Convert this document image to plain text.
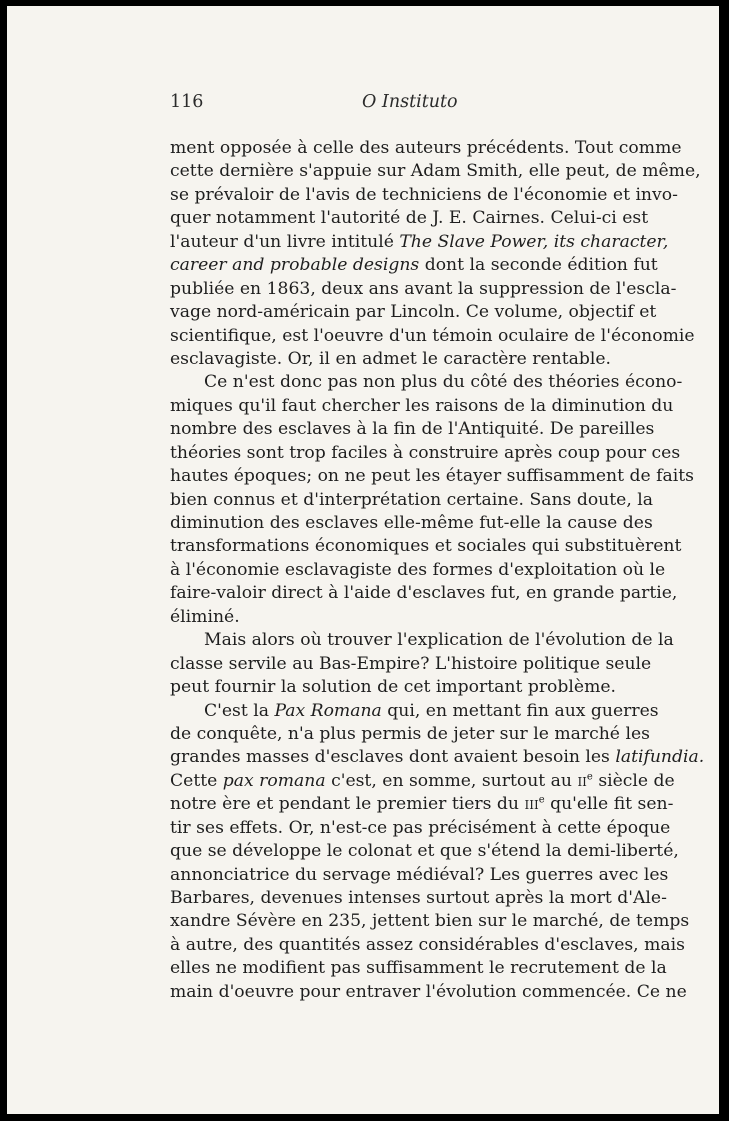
116	O Instituto
ment opposée à celle des auteurs précédents. Tout comme
cette dernière s'appuie sur Adam Smith, elle peut, de même,
se prévaloir de l'avis de techniciens de l'économie et invo-
quer notamment l'autorité de J. E. Cairnes. Celui-ci est
l'auteur d'un livre intitulé The Slave Power, its character,
career and probable designs dont la seconde édition fut
publiée en 1863, deux ans avant la suppression de l'escla-
vage nord-américain par Lincoln. Ce volume, objectif et
scientifique, est l'oeuvre d'un témoin oculaire de l'économie
esclavagiste. Or, il en admet le caractère rentable.
Ce n'est donc pas non plus du côté des théories écono-
miques qu'il faut chercher les raisons de la diminution du
nombre des esclaves à la fin de l'Antiquité. De pareilles
théories sont trop faciles à construire après coup pour ces
hautes époques; on ne peut les étayer suffisamment de faits
bien connus et d'interprétation certaine. Sans doute, la
diminution des esclaves elle-même fut-elle la cause des
transformations économiques et sociales qui substituèrent
à l'économie esclavagiste des formes d'exploitation où le
faire-valoir direct à l'aide d'esclaves fut, en grande partie,
éliminé.
Mais alors où trouver l'explication de l'évolution de la
classe servile au Bas-Empire? L'histoire politique seule
peut fournir la solution de cet important problème.
C'est la Pax Romana qui, en mettant fin aux guerres
de conquête, n'a plus permis de jeter sur le marché les
grandes masses d'esclaves dont avaient besoin les latifundia.
Cette pax romana c'est, en somme, surtout au $ii^e$ siècle de
notre ère et pendant le premier tiers du iii$^e$ qu'elle fit sen-
tir ses effets. Or, n'est-ce pas précisément à cette époque
que se développe le colonat et que s'étend la demi-liberté,
annonciatrice du servage médiéval? Les guerres avec les
Barbares, devenues intenses surtout après la mort d'Ale-
xandre Sévère en 235, jettent bien sur le marché, de temps
à autre, des quantités assez considérables d'esclaves, mais
elles ne modifient pas suffisamment le recrutement de la
main d'oeuvre pour entraver l'évolution commencée. Ce ne
